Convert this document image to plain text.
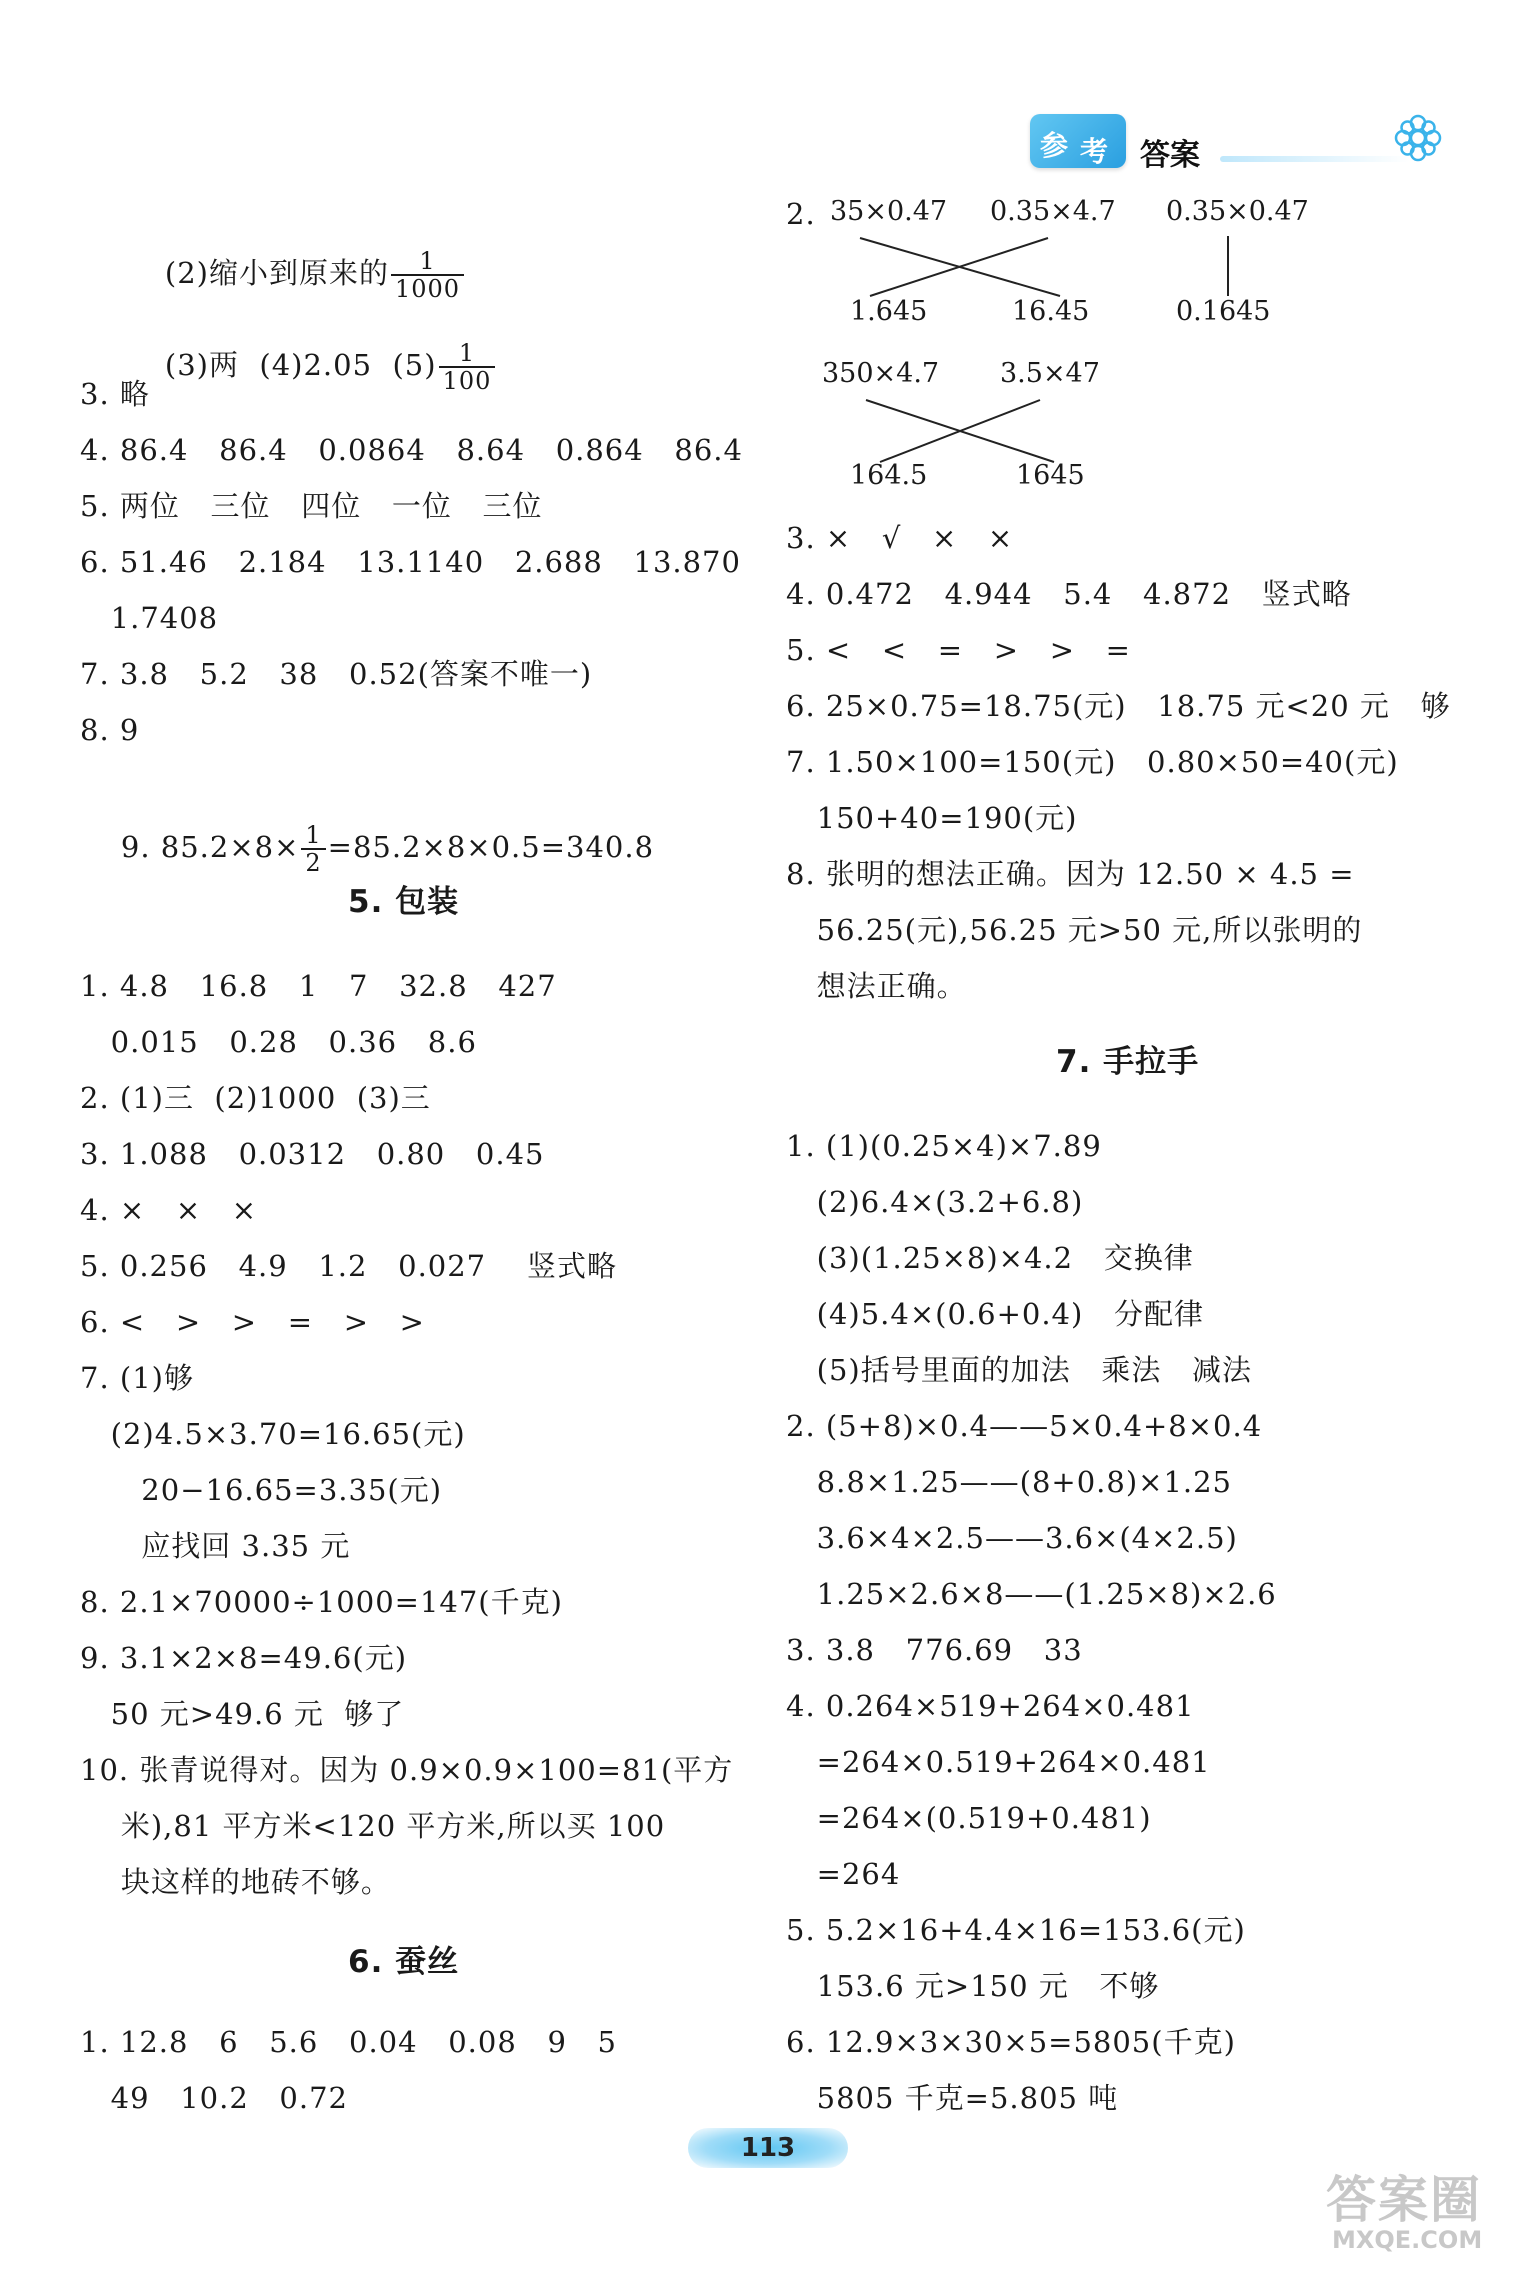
参 考 答案

(2)缩小到原来的 $\frac{1}{1000}$

(3)两  (4)2.05  $(5) \frac{1}{100}$

3. 略
4. 86.4   86.4   0.0864   8.64   0.864   86.4
5. 两位   三位   四位   一位   三位
6. 51.46   2.184   13.1140   2.688   13.870
1.7408
7. 3.8   5.2   38   0.52(答案不唯一)
8. 9

9. $85.2\times 8\times \frac{1}{2} =85.2\times 8\times 0.5=340.8$

5. 包装
1. 4.8   16.8   1   7   32.8   427
0.015   0.28   0.36   8.6
2. (1)三  (2)1000  (3)三
3. 1.088   0.0312   0.80   0.45
4. ×   ×   ×
5. 0.256   4.9   1.2   0.027    竖式略
6. <   >   >   =   >   >
7. (1)够
(2)4.5×3.70=16.65(元)
20−16.65=3.35(元)
应找回 3.35 元
8. 2.1×70000÷1000=147(千克)
9. 3.1×2×8=49.6(元)
50 元>49.6 元  够了
10. 张青说得对。因为 0.9×0.9×100=81(平方
米),81 平方米<120 平方米,所以买 100
块这样的地砖不够。
6. 蚕丝
1. 12.8   6   5.6   0.04   0.08   9   5
49   10.2   0.72
2. 35×0.47 0.35×4.7 0.35×0.47
1.645	16.45	0.1645
350×4.7 3.5×47
164.5	1645
3. ×   √   ×   ×
4. 0.472   4.944   5.4   4.872   竖式略
5. <   <   =   >   >   =
6. 25×0.75=18.75(元)   18.75 元<20 元   够
7. 1.50×100=150(元)   0.80×50=40(元)
150+40=190(元)
8. 张明的想法正确。因为 12.50 × 4.5 =
56.25(元),56.25 元>50 元,所以张明的
想法正确。
7. 手拉手
1. (1)(0.25×4)×7.89
(2)6.4×(3.2+6.8)
(3)(1.25×8)×4.2   交换律
(4)5.4×(0.6+0.4)   分配律
(5)括号里面的加法   乘法   减法
2. (5+8)×0.4——5×0.4+8×0.4
8.8×1.25——(8+0.8)×1.25
3.6×4×2.5——3.6×(4×2.5)
1.25×2.6×8——(1.25×8)×2.6
3. 3.8   776.69   33
4. 0.264×519+264×0.481
=264×0.519+264×0.481
=264×(0.519+0.481)
=264
5. 5.2×16+4.4×16=153.6(元)
153.6 元>150 元   不够
6. 12.9×3×30×5=5805(千克)
5805 千克=5.805 吨
113
答案圈
MXQE.COM
